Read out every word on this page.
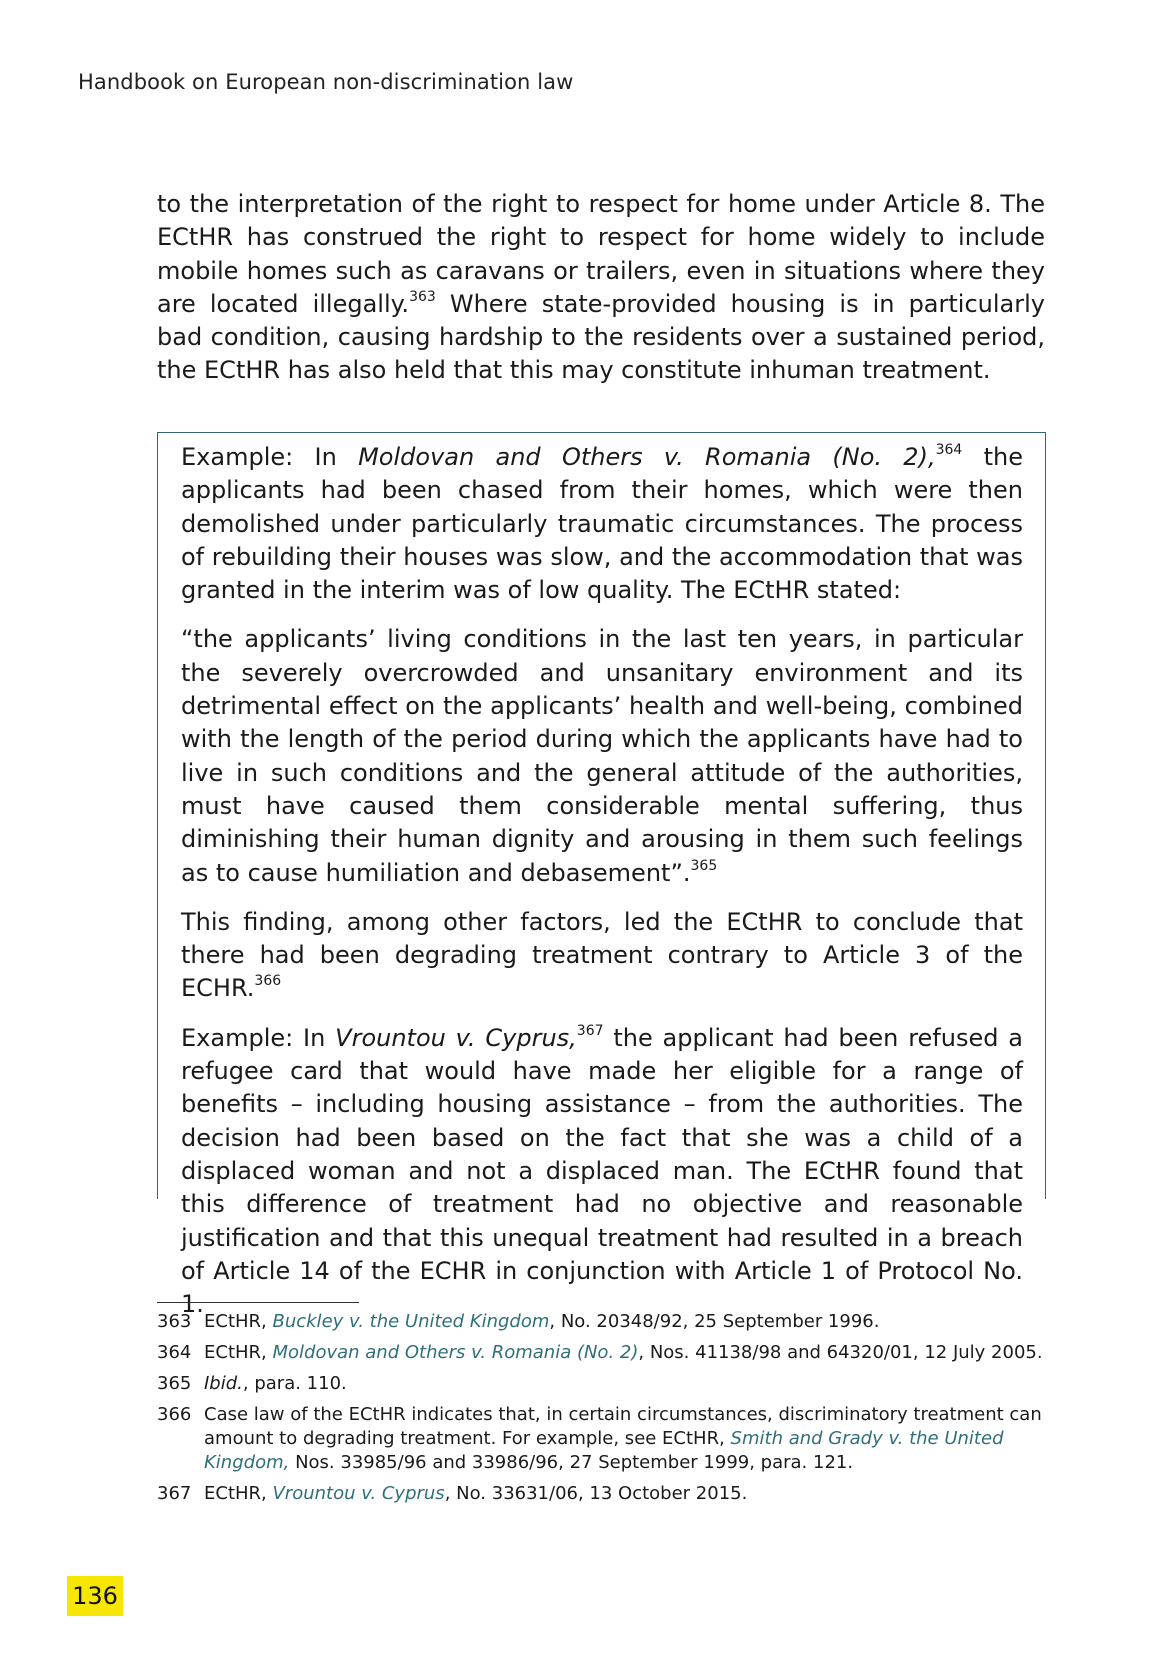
Handbook on European non-discrimination law

to the interpretation of the right to respect for home under Article 8. The ECtHR has construed the right to respect for home widely to include mobile homes such as caravans or trailers, even in situations where they are located illegally.$^{363}$ Where state-provided housing is in particularly bad condition, causing hardship to the residents over a sustained period, the ECtHR has also held that this may constitute inhuman treatment.

Example: In Moldovan and Others v. Romania (No. 2),$^{364}$ the applicants had been chased from their homes, which were then demolished under particularly traumatic circumstances. The process of rebuilding their houses was slow, and the accommodation that was granted in the interim was of low quality. The ECtHR stated:

“the applicants’ living conditions in the last ten years, in particular the severely overcrowded and unsanitary environment and its detrimental effect on the applicants’ health and well-being, combined with the length of the period during which the applicants have had to live in such conditions and the general attitude of the authorities, must have caused them considerable mental suffering, thus diminishing their human dignity and arousing in them such feelings as to cause humiliation and debasement”.$^{365}$

This finding, among other factors, led the ECtHR to conclude that there had been degrading treatment contrary to Article 3 of the ECHR.$^{366}$

Example: In Vrountou v. Cyprus,$^{367}$ the applicant had been refused a refugee card that would have made her eligible for a range of benefits – including housing assistance – from the authorities. The decision had been based on the fact that she was a child of a displaced woman and not a displaced man. The ECtHR found that this difference of treatment had no objective and reasonable justification and that this unequal treatment had resulted in a breach of Article 14 of the ECHR in conjunction with Article 1 of Protocol No. 1.

363 ECtHR, Buckley v. the United Kingdom, No. 20348/92, 25 September 1996.
364 ECtHR, Moldovan and Others v. Romania (No. 2), Nos. 41138/98 and 64320/01, 12 July 2005.
365 Ibid., para. 110.
366 Case law of the ECtHR indicates that, in certain circumstances, discriminatory treatment can amount to degrading treatment. For example, see ECtHR, Smith and Grady v. the United Kingdom, Nos. 33985/96 and 33986/96, 27 September 1999, para. 121.
367 ECtHR, Vrountou v. Cyprus, No. 33631/06, 13 October 2015.
136
